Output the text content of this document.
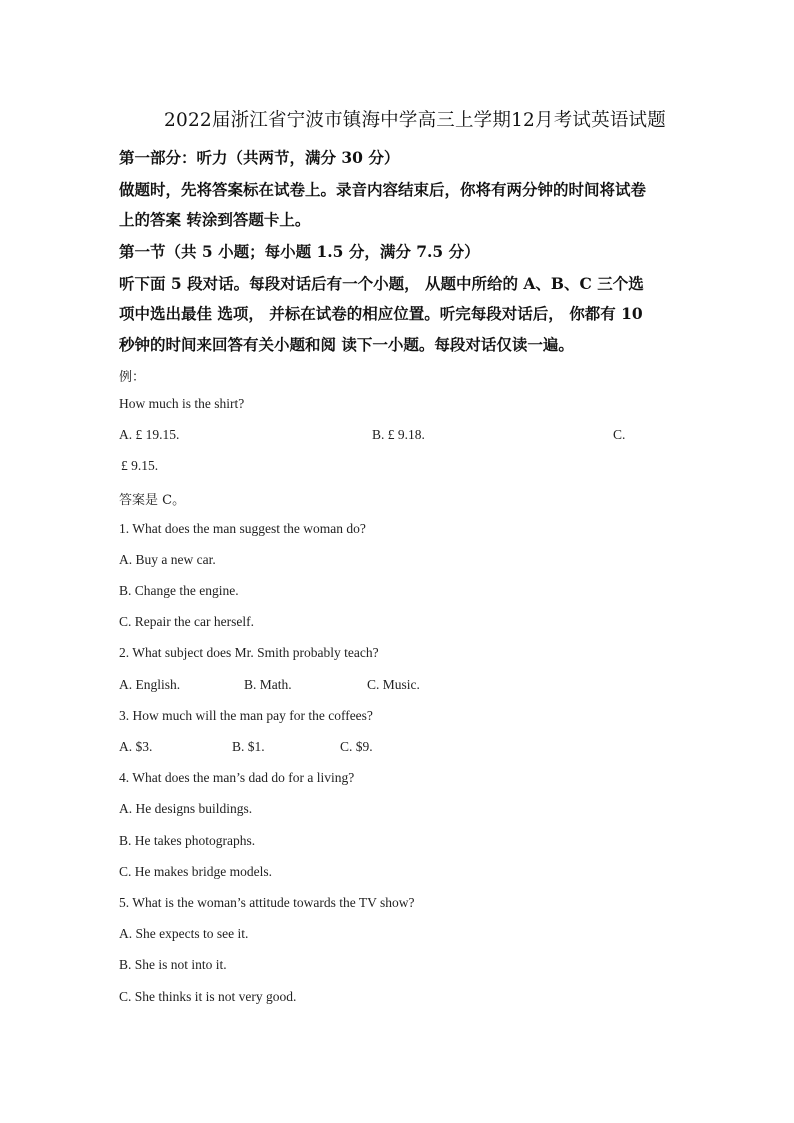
2022届浙江省宁波市镇海中学高三上学期12月考试英语试题
第一部分：听力（共两节，满分 30 分）
做题时，先将答案标在试卷上。录音内容结束后，你将有两分钟的时间将试卷
上的答案 转涂到答题卡上。
第一节（共 5 小题；每小题 1.5 分，满分 7.5 分）
听下面 5 段对话。每段对话后有一个小题， 从题中所给的 A、B、C 三个选
项中选出最佳 选项， 并标在试卷的相应位置。听完每段对话后， 你都有 10
秒钟的时间来回答有关小题和阅 读下一小题。每段对话仅读一遍。
例：
How much is the shirt?
A. £ 19.15.	B. £ 9.18.	C.
£ 9.15.
答案是 C。
1. What does the man suggest the woman do?
A. Buy a new car.
B. Change the engine.
C. Repair the car herself.
2. What subject does Mr. Smith probably teach?
A. English.	B. Math.	C. Music.
3. How much will the man pay for the coffees?
A. $3.	B. $1.	C. $9.
4. What does the man’s dad do for a living?
A. He designs buildings.
B. He takes photographs.
C. He makes bridge models.
5. What is the woman’s attitude towards the TV show?
A. She expects to see it.
B. She is not into it.
C. She thinks it is not very good.
